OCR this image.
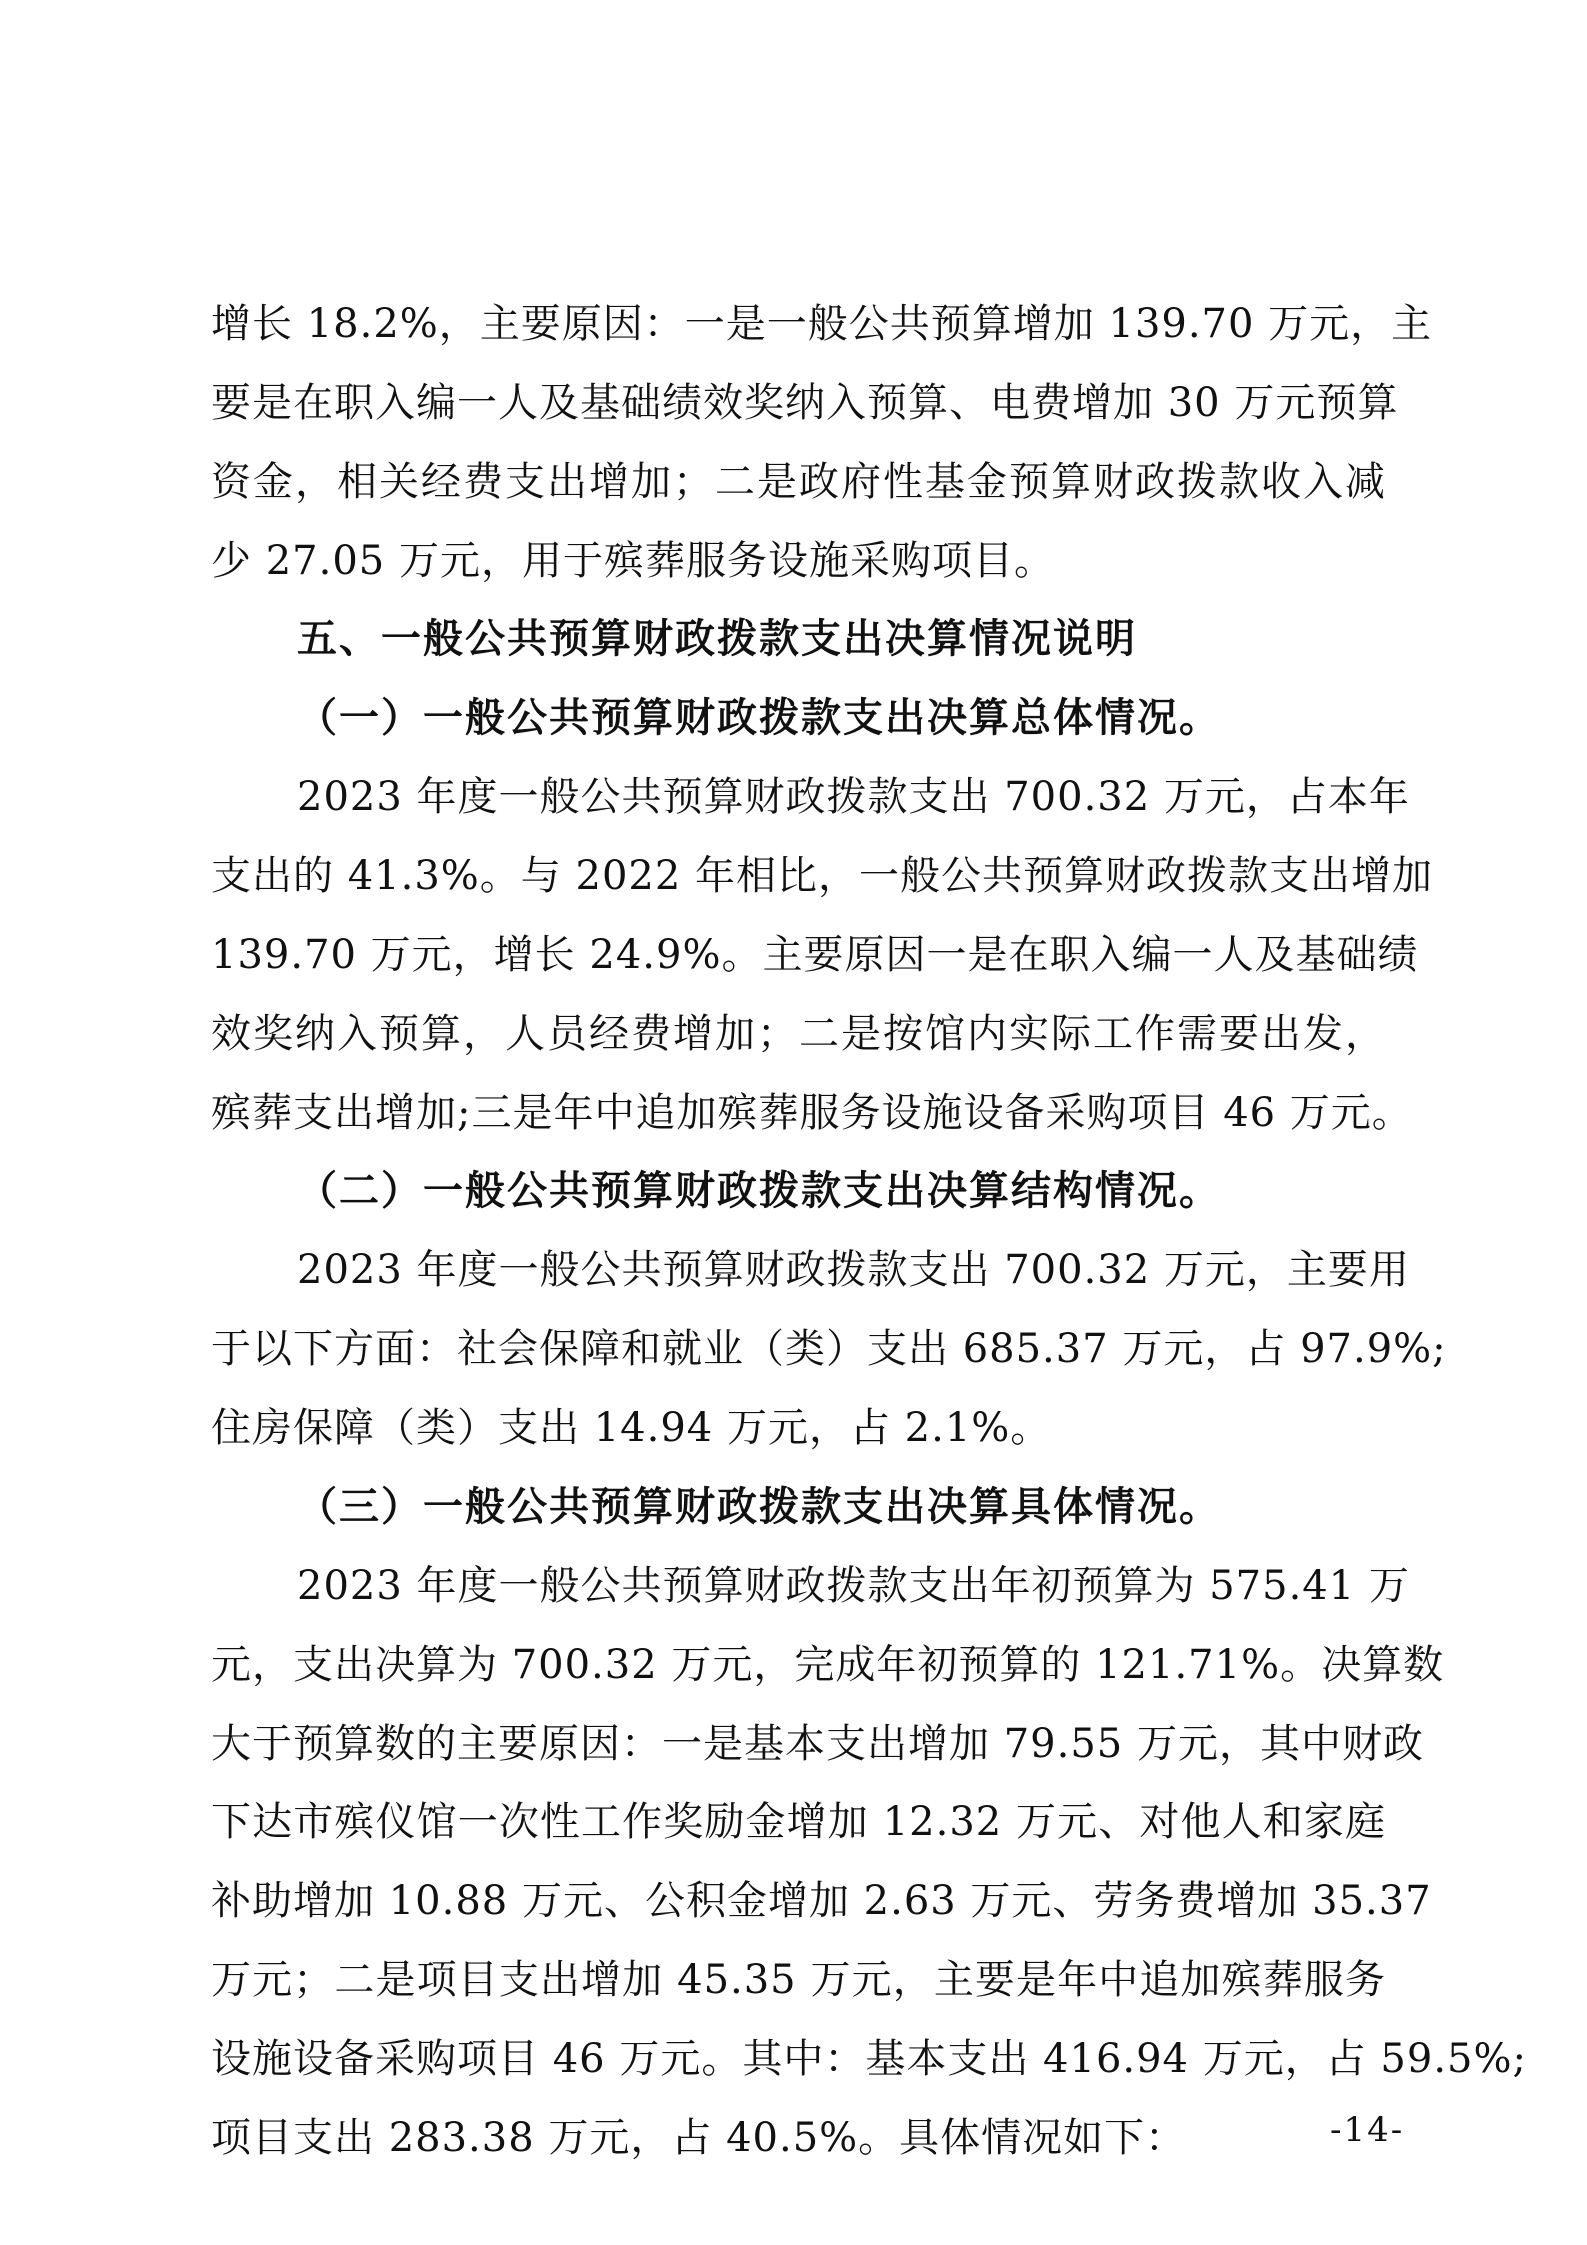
增长 18.2%，主要原因：一是一般公共预算增加 139.70 万元，主
要是在职入编一人及基础绩效奖纳入预算、电费增加 30 万元预算
资金，相关经费支出增加；二是政府性基金预算财政拨款收入减
少 27.05 万元，用于殡葬服务设施采购项目。
五、一般公共预算财政拨款支出决算情况说明
（一）一般公共预算财政拨款支出决算总体情况。
2023 年度一般公共预算财政拨款支出 700.32 万元，占本年
支出的 41.3%。与 2022 年相比，一般公共预算财政拨款支出增加
139.70 万元，增长 24.9%。主要原因一是在职入编一人及基础绩
效奖纳入预算，人员经费增加；二是按馆内实际工作需要出发，
殡葬支出增加;三是年中追加殡葬服务设施设备采购项目 46 万元。
（二）一般公共预算财政拨款支出决算结构情况。
2023 年度一般公共预算财政拨款支出 700.32 万元，主要用
于以下方面：社会保障和就业（类）支出 685.37 万元，占 97.9%;
住房保障（类）支出 14.94 万元，占 2.1%。
（三）一般公共预算财政拨款支出决算具体情况。
2023 年度一般公共预算财政拨款支出年初预算为 575.41 万
元，支出决算为 700.32 万元，完成年初预算的 121.71%。决算数
大于预算数的主要原因：一是基本支出增加 79.55 万元，其中财政
下达市殡仪馆一次性工作奖励金增加 12.32 万元、对他人和家庭
补助增加 10.88 万元、公积金增加 2.63 万元、劳务费增加 35.37
万元；二是项目支出增加 45.35 万元，主要是年中追加殡葬服务
设施设备采购项目 46 万元。其中：基本支出 416.94 万元，占 59.5%;
项目支出 283.38 万元，占 40.5%。具体情况如下：	-14-
